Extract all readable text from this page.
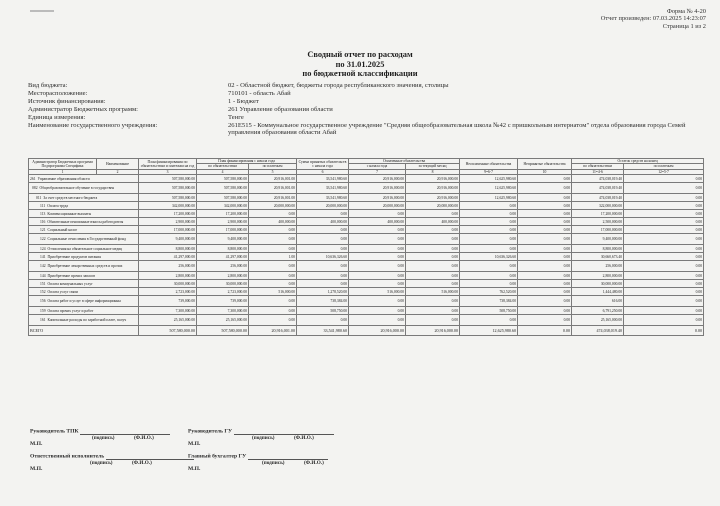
Форма № 4-20
Отчет произведен: 07.03.2025 14:23:07
Страница 1 из 2
Сводный отчет по расходам
по 31.01.2025
по бюджетной классификации
Вид бюджета:	02 - Областной бюджет, бюджеты города республиканского значения, столицы
Месторасположение:	710101 - область Абай
Источник финансирования:	1 - Бюджет
Администратор Бюджетных программ:	261 Управление образования области
Единица измерения:	Тенге
Наименование государственного учреждения:	261Е515 - Коммунальное государственное учреждение "Средняя общеобразовательная школа №42 с пришкольным интернатом" отдела образования города Семей управления образования области Абай
Администратор Бюджетных программ Подпрограмма Специфика	Наименование	План финансирования по обязательствам и платежам на год	План финансирования с начала года		Сумма принятых обязательств с начала года	Оплаченные обязательства		Неоплаченные обязательства	Непринятые обязательства	Остаток средств на конец	
			по обязательствам	по платежам		с начала года	за текущий месяц			по обязательствам	по платежам
1	2	3	4	5	6	7	8	9=6-7	10	11=4-6	12=5-7
261 Управление образования области		507,580,000.00	507,580,000.00	20,916,001.00	33,541,980.60	20,916,000.00	20,916,000.00	12,625,980.60	0.00	474,038,019.40	0.00
082 Общеобразовательное обучение в государствен		507,580,000.00	507,580,000.00	20,916,001.00	33,541,980.60	20,916,000.00	20,916,000.00	12,625,980.60	0.00	474,038,019.40	0.00
011 За счет средств местного бюджета		507,580,000.00	507,580,000.00	20,916,001.00	33,541,980.60	20,916,000.00	20,916,000.00	12,625,980.60	0.00	474,038,019.40	0.00
111 Оплата труда		342,000,000.00	342,000,000.00	20,000,000.00	20,000,000.00	20,000,000.00	20,000,000.00	0.00	0.00	322,000,000.00	0.00
113 Компенсационные выплаты		17,200,000.00	17,200,000.00	0.00	0.00	0.00	0.00	0.00	0.00	17,200,000.00	0.00
116 Обязательные пенсионные взносы работодателя		2,900,000.00	2,900,000.00	400,000.00	400,000.00	400,000.00	400,000.00	0.00	0.00	2,500,000.00	0.00
121 Социальный налог		17,000,000.00	17,000,000.00	0.00	0.00	0.00	0.00	0.00	0.00	17,000,000.00	0.00
122 Социальные отчисления в Государственный фонд		9,400,000.00	9,400,000.00	0.00	0.00	0.00	0.00	0.00	0.00	9,400,000.00	0.00
124 Отчисления на обязательное социальное медиц		8,800,000.00	8,800,000.00	0.00	0.00	0.00	0.00	0.00	0.00	8,800,000.00	0.00
141 Приобретение продуктов питания		41,297,000.00	41,297,000.00	1.00	10,636,326.60	0.00	0.00	10,636,326.60	0.00	30,660,673.40	0.00
142 Приобретение лекарственных средств и прочих		256,000.00	256,000.00	0.00	0.00	0.00	0.00	0.00	0.00	256,000.00	0.00
144 Приобретение прочих запасов		2,800,000.00	2,800,000.00	0.00	0.00	0.00	0.00	0.00	0.00	2,800,000.00	0.00
151 Оплата коммунальных услуг		30,000,000.00	30,000,000.00	0.00	0.00	0.00	0.00	0.00	0.00	30,000,000.00	0.00
152 Оплата услуг связи		2,723,000.00	2,723,000.00	516,000.00	1,278,520.00	516,000.00	516,000.00	762,520.00	0.00	1,444,480.00	0.00
156 Оплата работ и услуг в сфере информационны		739,000.00	739,000.00	0.00	738,384.00	0.00	0.00	738,384.00	0.00	616.00	0.00
159 Оплата прочих услуг и работ		7,300,000.00	7,300,000.00	0.00	508,750.00	0.00	0.00	508,750.00	0.00	6,791,250.00	0.00
161 Капитальные расходы по заработной плате, получ		25,165,000.00	25,165,000.00	0.00	0.00	0.00	0.00	0.00	0.00	25,165,000.00	0.00
ВСЕГО		507,580,000.00	507,580,000.00	20,916,001.00	33,541,980.60	20,916,000.00	20,916,000.00	12,625,980.60	0.00	474,038,019.40	0.00
Руководитель ТПК
(подпись)	(Ф.И.О.)
М.П.
Руководитель ГУ
(подпись)	(Ф.И.О.)
М.П.
Ответственный исполнитель
(подпись)	(Ф.И.О.)
М.П.
Главный бухгалтер ГУ
(подпись)	(Ф.И.О.)
М.П.
